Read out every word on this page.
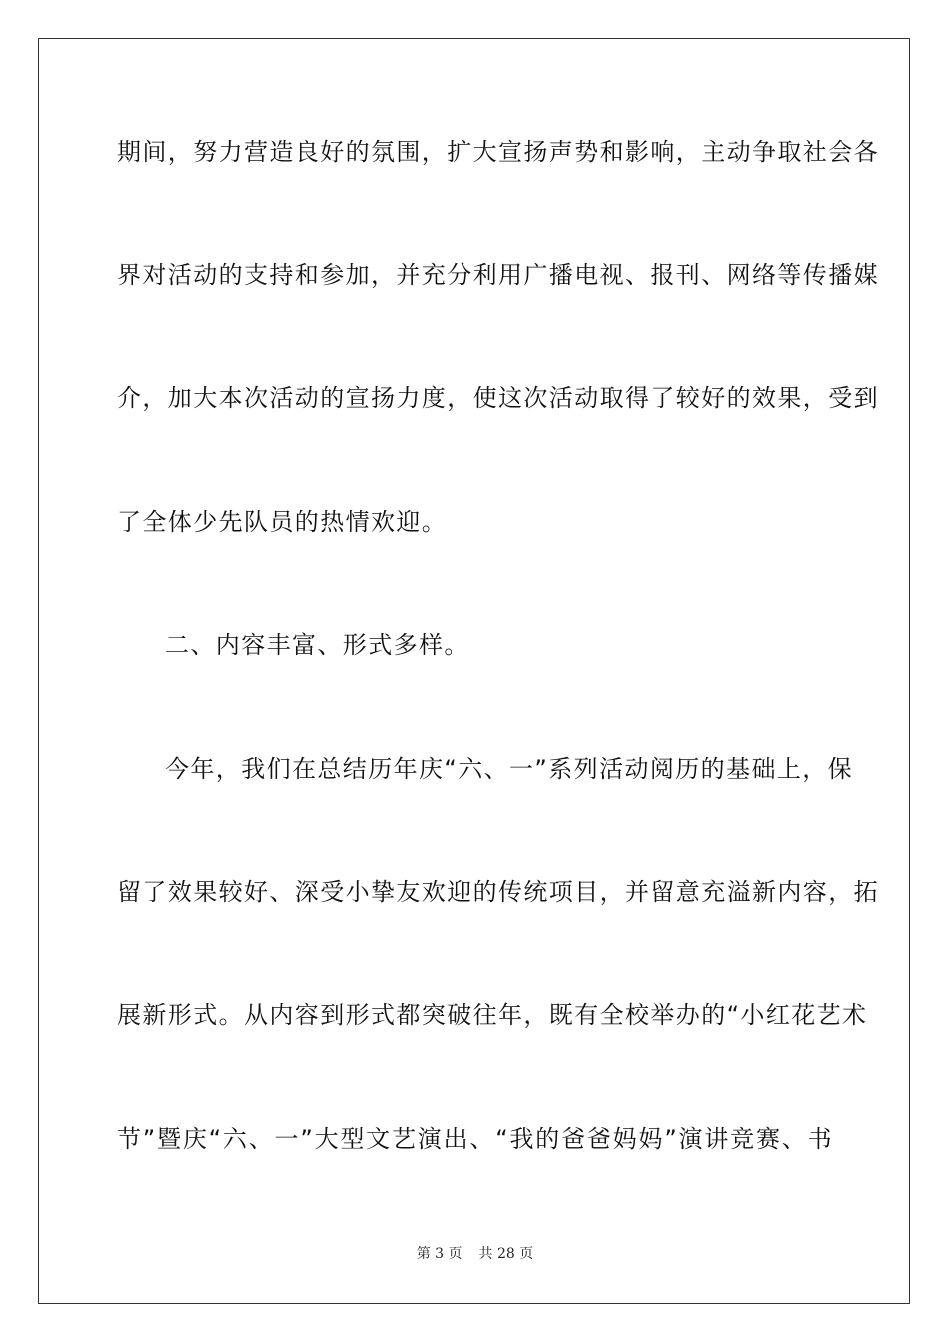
期间，努力营造良好的氛围，扩大宣扬声势和影响，主动争取社会各
界对活动的支持和参加，并充分利用广播电视、报刊、网络等传播媒
介，加大本次活动的宣扬力度，使这次活动取得了较好的效果，受到
了全体少先队员的热情欢迎。
二、内容丰富、形式多样。
今年，我们在总结历年庆“六、一”系列活动阅历的基础上，保
留了效果较好、深受小挚友欢迎的传统项目，并留意充溢新内容，拓
展新形式。从内容到形式都突破往年，既有全校举办的“小红花艺术
节”暨庆“六、一”大型文艺演出、“我的爸爸妈妈”演讲竞赛、书
第 3 页 共 28 页
